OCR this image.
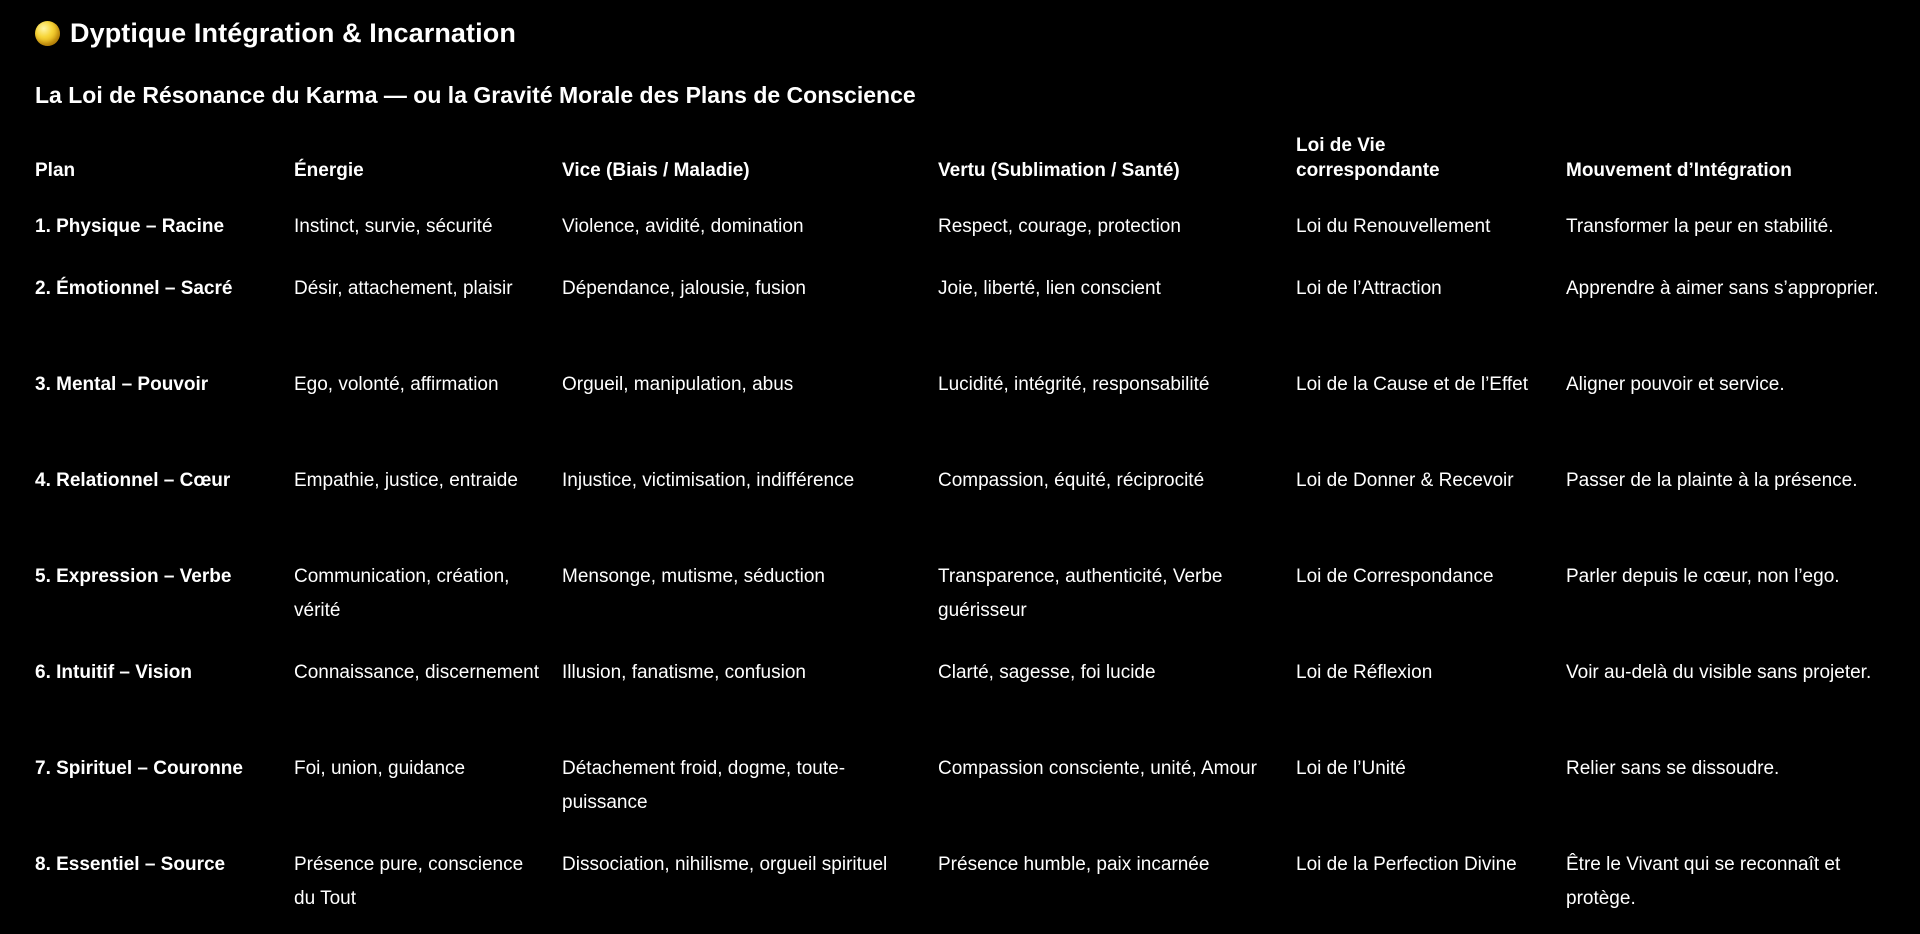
Dyptique Intégration & Incarnation
La Loi de Résonance du Karma — ou la Gravité Morale des Plans de Conscience
Plan	Énergie	Vice (Biais / Maladie)	Vertu (Sublimation / Santé)	Loi de Vie correspondante	Mouvement d’Intégration

1. Physique – Racine	Instinct, survie, sécurité	Violence, avidité, domination	Respect, courage, protection	Loi du Renouvellement	Transformer la peur en stabilité.

2. Émotionnel – Sacré	Désir, attachement, plaisir	Dépendance, jalousie, fusion	Joie, liberté, lien conscient	Loi de l’Attraction	Apprendre à aimer sans s’approprier.

3. Mental – Pouvoir	Ego, volonté, affirmation	Orgueil, manipulation, abus	Lucidité, intégrité, responsabilité	Loi de la Cause et de l’Effet	Aligner pouvoir et service.

4. Relationnel – Cœur	Empathie, justice, entraide	Injustice, victimisation, indifférence	Compassion, équité, réciprocité	Loi de Donner & Recevoir	Passer de la plainte à la présence.

5. Expression – Verbe	Communication, création, vérité	Mensonge, mutisme, séduction	Transparence, authenticité, Verbe guérisseur	Loi de Correspondance	Parler depuis le cœur, non l’ego.

6. Intuitif – Vision	Connaissance, discernement	Illusion, fanatisme, confusion	Clarté, sagesse, foi lucide	Loi de Réflexion	Voir au-delà du visible sans projeter.

7. Spirituel – Couronne	Foi, union, guidance	Détachement froid, dogme, toute-puissance	Compassion consciente, unité, Amour	Loi de l’Unité	Relier sans se dissoudre.

8. Essentiel – Source	Présence pure, conscience du Tout	Dissociation, nihilisme, orgueil spirituel	Présence humble, paix incarnée	Loi de la Perfection Divine	Être le Vivant qui se reconnaît et protège.
